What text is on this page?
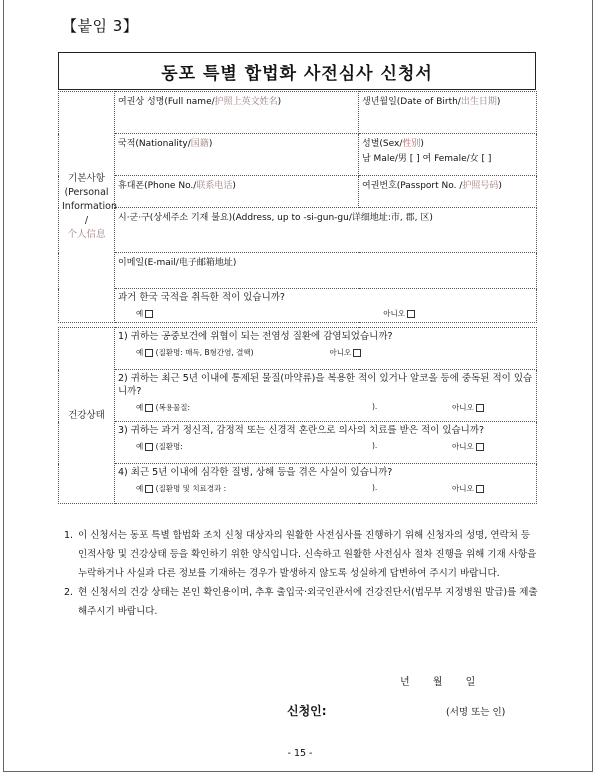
【붙임 3】
동포 특별 합법화 사전심사 신청서
기본사항
(Personal
Information
/
个人信息	여권상 성명(Full name/护照上英文姓名)	생년월일(Date of Birth/出生日期)
	국적(Nationality/国籍)	성별(Sex/性别)
남 Male/男 [ ] 여 Female/女 [ ]

	휴대폰(Phone No./联系电话)	여권번호(Passport No. /护照号码)
	시·군·구(상세주소 기재 불요)(Address, up to -si-gun-gu/详细地址:市, 郡, 区)	
	이메일(E-mail/电子邮箱地址)	

	과거 한국 국적을 취득한 적이 있습니까?
예 아니오	

건강상태	1) 귀하는 공중보건에 위협이 되는 전염성 질환에 감염되었습니까?
예 (질환명: 매독, B형간염, 결핵) 아니오	

	2) 귀하는 최근 5년 이내에 통제된 물질(마약류)을 복용한 적이 있거나 알코올 등에 중독된 적이 있습니까?
예 (복용물질: ). 아니오	

	3) 귀하는 과거 정신적, 감정적 또는 신경적 혼란으로 의사의 치료를 받은 적이 있습니까?
예 (질환명: ). 아니오	

	4) 최근 5년 이내에 심각한 질병, 상해 등을 겪은 사실이 있습니까?
예 (질환명 및 치료경과 : ). 아니오	
1. 이 신청서는 동포 특별 합법화 조치 신청 대상자의 원활한 사전심사를 진행하기 위해 신청자의 성명, 연락처 등 인적사항 및 건강상태 등을 확인하기 위한 양식입니다. 신속하고 원활한 사전심사 절차 진행을 위해 기재 사항을 누락하거나 사실과 다른 정보를 기재하는 경우가 발생하지 않도록 성실하게 답변하여 주시기 바랍니다.
2. 현 신청서의 건강 상태는 본인 확인용이며, 추후 출입국·외국인관서에 건강진단서(법무부 지정병원 발급)를 제출해주시기 바랍니다.
년 월 일
신청인:	(서명 또는 인)
- 15 -
